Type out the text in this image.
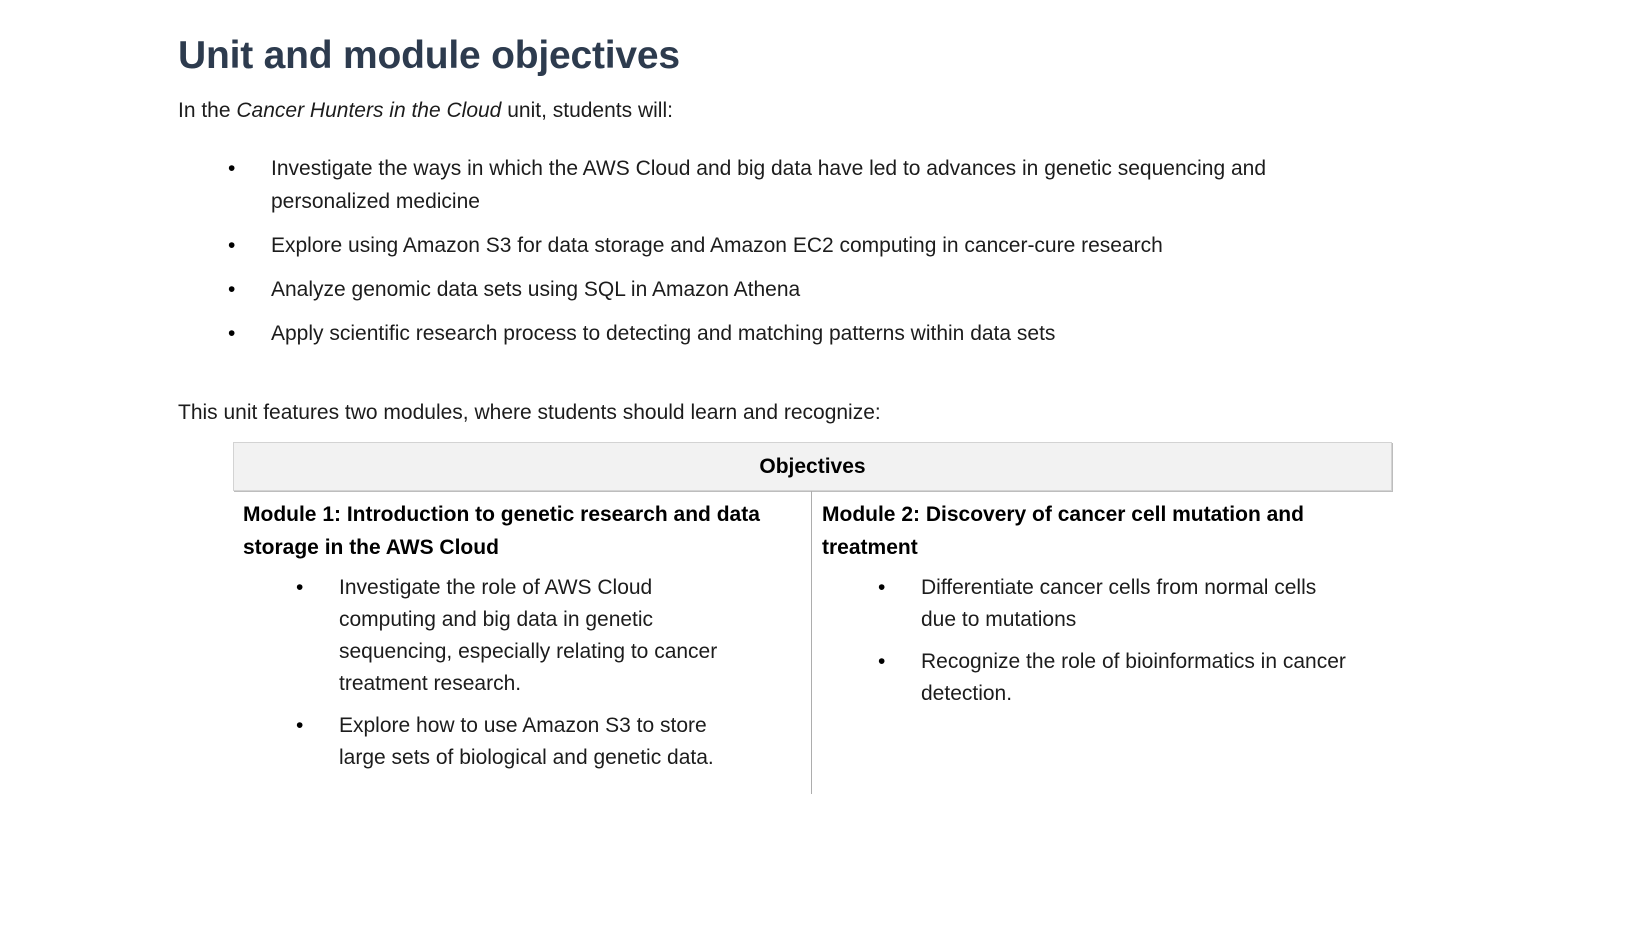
Unit and module objectives

In the Cancer Hunters in the Cloud unit, students will:

• Investigate the ways in which the AWS Cloud and big data have led to advances in genetic sequencing and personalized medicine
• Explore using Amazon S3 for data storage and Amazon EC2 computing in cancer-cure research
• Analyze genomic data sets using SQL in Amazon Athena
• Apply scientific research process to detecting and matching patterns within data sets

This unit features two modules, where students should learn and recognize:

Objectives
Module 1: Introduction to genetic research and data storage in the AWS Cloud
• Investigate the role of AWS Cloud computing and big data in genetic sequencing, especially relating to cancer treatment research.
• Explore how to use Amazon S3 to store large sets of biological and genetic data.
Module 2: Discovery of cancer cell mutation and treatment
• Differentiate cancer cells from normal cells due to mutations
• Recognize the role of bioinformatics in cancer detection.
